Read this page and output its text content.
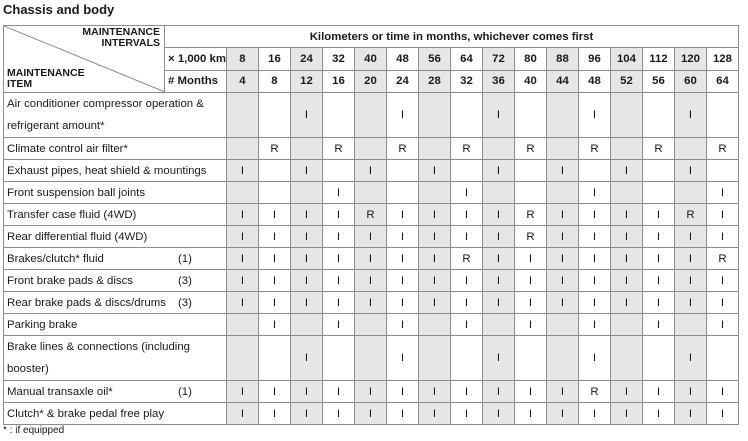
Chassis and body
MAINTENANCE
INTERVALS
MAINTENANCE
ITEM	Kilometers or time in months, whichever comes first																
	× 1,000 km	8	16	24	32	40	48	56	64	72	80	88	96	104	112	120	128
	# Months	4	8	12	16	20	24	28	32	36	40	44	48	52	56	60	64

Air conditioner compressor operation & refrigerant amount*				I			I			I			I			I	

Climate control air filter*			R		R		R		R		R		R		R		R

Exhaust pipes, heat shield & mountings		I		I		I		I		I		I		I		I	

Front suspension ball joints					I				I				I				I

Transfer case fluid (4WD)		I	I	I	I	R	I	I	I	I	R	I	I	I	I	R	I

Rear differential fluid (4WD)		I	I	I	I	I	I	I	I	I	R	I	I	I	I	I	I

Brakes/clutch* fluid (1)		I	I	I	I	I	I	I	R	I	I	I	I	I	I	I	R

Front brake pads & discs (3)		I	I	I	I	I	I	I	I	I	I	I	I	I	I	I	I

Rear brake pads & discs/drums (3)		I	I	I	I	I	I	I	I	I	I	I	I	I	I	I	I

Parking brake			I		I		I		I		I		I		I		I

Brake lines & connections (including booster)				I			I			I			I			I	

Manual transaxle oil* (1)		I	I	I	I	I	I	I	I	I	I	I	R	I	I	I	I

Clutch* & brake pedal free play		I	I	I	I	I	I	I	I	I	I	I	I	I	I	I	I

* : if equipped
